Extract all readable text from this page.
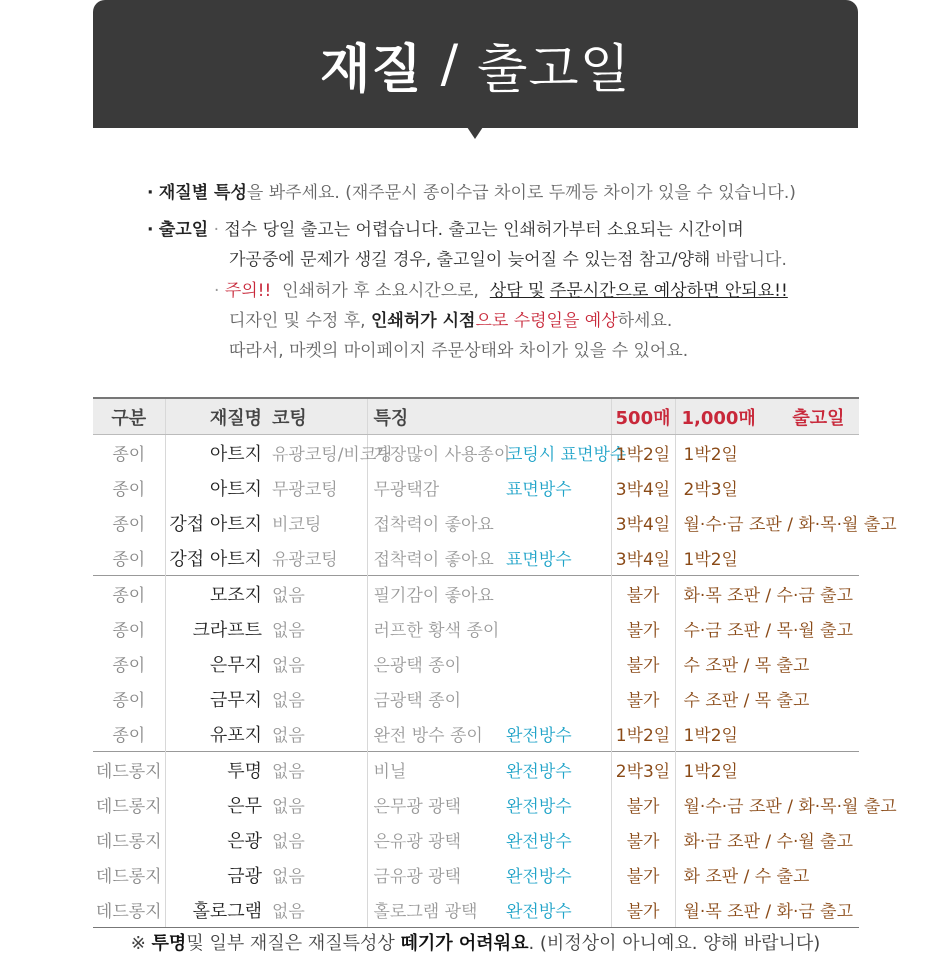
재질 / 출고일
· 재질별 특성을 봐주세요. (재주문시 종이수급 차이로 두께등 차이가 있을 수 있습니다.)
· 출고일 · 접수 당일 출고는 어렵습니다. 출고는 인쇄허가부터 소요되는 시간이며
가공중에 문제가 생길 경우, 출고일이 늦어질 수 있는점 참고/양해 바랍니다.
· 주의!! 인쇄허가 후 소요시간으로, 상담 및 주문시간으로 예상하면 안되요!!
디자인 및 수정 후, 인쇄허가 시점으로 수령일을 예상하세요.
따라서, 마켓의 마이페이지 주문상태와 차이가 있을 수 있어요.
구분	재질명	코팅	특징		500매	1,000매 출고일
종이	아트지	유광코팅/비코팅	가장많이 사용종이	코팅시 표면방수	1박2일	1박2일
종이	아트지	무광코팅	무광택감	표면방수	3박4일	2박3일
종이	강접 아트지	비코팅	접착력이 좋아요		3박4일	월·수·금 조판 / 화·목·월 출고
종이	강접 아트지	유광코팅	접착력이 좋아요	표면방수	3박4일	1박2일
종이	모조지	없음	필기감이 좋아요		불가	화·목 조판 / 수·금 출고
종이	크라프트	없음	러프한 황색 종이		불가	수·금 조판 / 목·월 출고
종이	은무지	없음	은광택 종이		불가	수 조판 / 목 출고
종이	금무지	없음	금광택 종이		불가	수 조판 / 목 출고
종이	유포지	없음	완전 방수 종이	완전방수	1박2일	1박2일
데드롱지	투명	없음	비닐	완전방수	2박3일	1박2일
데드롱지	은무	없음	은무광 광택	완전방수	불가	월·수·금 조판 / 화·목·월 출고
데드롱지	은광	없음	은유광 광택	완전방수	불가	화·금 조판 / 수·월 출고
데드롱지	금광	없음	금유광 광택	완전방수	불가	화 조판 / 수 출고
데드롱지	홀로그램	없음	홀로그램 광택	완전방수	불가	월·목 조판 / 화·금 출고
※ 투명및 일부 재질은 재질특성상 떼기가 어려워요. (비정상이 아니예요. 양해 바랍니다)
